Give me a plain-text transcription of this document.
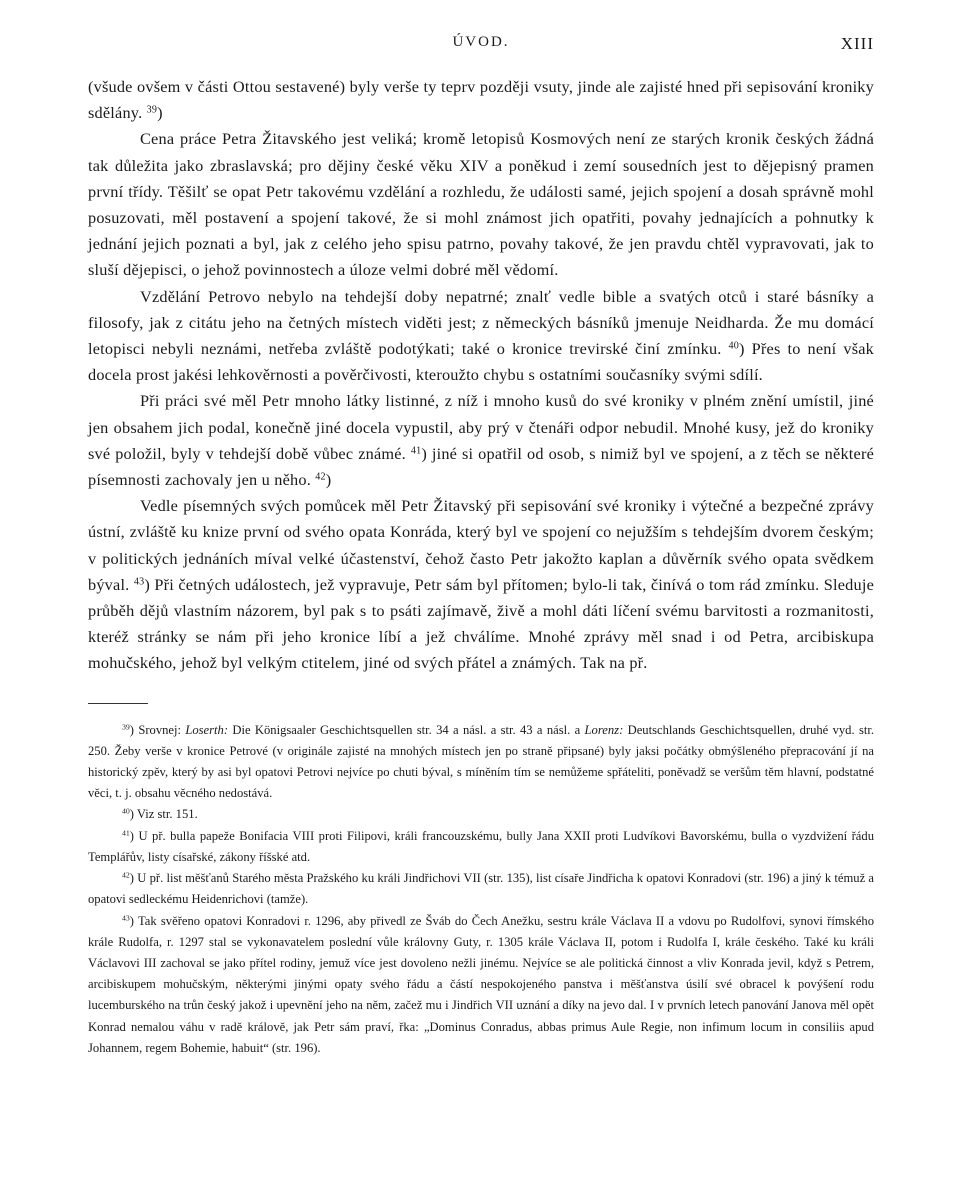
ÚVOD.	XIII

(všude ovšem v části Ottou sestavené) byly verše ty teprv později vsuty, jinde ale zajisté hned při sepisování kroniky sdělány. $^{39}$)

Cena práce Petra Žitavského jest veliká; kromě letopisů Kosmových není ze starých kronik českých žádná tak důležita jako zbraslavská; pro dějiny české věku XIV a poněkud i zemí sousedních jest to dějepisný pramen první třídy. Těšilť se opat Petr takovému vzdělání a rozhledu, že události samé, jejich spojení a dosah správně mohl posuzovati, měl postavení a spojení takové, že si mohl známost jich opatřiti, povahy jednajících a pohnutky k jednání jejich poznati a byl, jak z celého jeho spisu patrno, povahy takové, že jen pravdu chtěl vypravovati, jak to sluší dějepisci, o jehož povinnostech a úloze velmi dobré měl vědomí.

Vzdělání Petrovo nebylo na tehdejší doby nepatrné; znalť vedle bible a svatých otců i staré básníky a filosofy, jak z citátu jeho na četných místech viděti jest; z německých básníků jmenuje Neidharda. Že mu domácí letopisci nebyli neznámi, netřeba zvláště podotýkati; také o kronice trevirské činí zmínku. $^{40}$) Přes to není však docela prost jakési lehkověrnosti a pověrčivosti, kteroužto chybu s ostatními současníky svými sdílí.

Při práci své měl Petr mnoho látky listinné, z níž i mnoho kusů do své kroniky v plném znění umístil, jiné jen obsahem jich podal, konečně jiné docela vypustil, aby prý v čtenáři odpor nebudil. Mnohé kusy, jež do kroniky své položil, byly v tehdejší době vůbec známé. $^{41}$) jiné si opatřil od osob, s nimiž byl ve spojení, a z těch se některé písemnosti zachovaly jen u něho. $^{42}$)

Vedle písemných svých pomůcek měl Petr Žitavský při sepisování své kroniky i výtečné a bezpečné zprávy ústní, zvláště ku knize první od svého opata Konráda, který byl ve spojení co nejužším s tehdejším dvorem českým; v politických jednáních míval velké účastenství, čehož často Petr jakožto kaplan a důvěrník svého opata svědkem býval. $^{43}$) Při četných událostech, jež vypravuje, Petr sám byl přítomen; bylo-li tak, činívá o tom rád zmínku. Sleduje průběh dějů vlastním názorem, byl pak s to psáti zajímavě, živě a mohl dáti líčení svému barvitosti a rozmanitosti, kteréž stránky se nám při jeho kronice líbí a jež chválíme. Mnohé zprávy měl snad i od Petra, arcibiskupa mohučského, jehož byl velkým ctitelem, jiné od svých přátel a známých. Tak na př.

$^{39}$) Srovnej: Loserth: Die Königsaaler Geschichtsquellen str. 34 a násl. a str. 43 a násl. a Lorenz: Deutschlands Geschichtsquellen, druhé vyd. str. 250. Žeby verše v kronice Petrové (v originále zajisté na mnohých místech jen po straně připsané) byly jaksi počátky obmýšleného přepracování jí na historický zpěv, který by asi byl opatovi Petrovi nejvíce po chuti býval, s míněním tím se nemůžeme spřáteliti, poněvadž se veršům těm hlavní, podstatné věci, t. j. obsahu věcného nedostává.

$^{40}$) Viz str. 151.

$^{41}$) U př. bulla papeže Bonifacia VIII proti Filipovi, králi francouzskému, bully Jana XXII proti Ludvíkovi Bavorskému, bulla o vyzdvižení řádu Templářův, listy císařské, zákony říšské atd.

$^{42}$) U př. list měšťanů Starého města Pražského ku králi Jindřichovi VII (str. 135), list císaře Jindřicha k opatovi Konradovi (str. 196) a jiný k témuž a opatovi sedleckému Heidenrichovi (tamže).

$^{43}$) Tak svěřeno opatovi Konradovi r. 1296, aby přivedl ze Šváb do Čech Anežku, sestru krále Václava II a vdovu po Rudolfovi, synovi římského krále Rudolfa, r. 1297 stal se vykonavatelem poslední vůle královny Guty, r. 1305 krále Václava II, potom i Rudolfa I, krále českého. Také ku králi Václavovi III zachoval se jako přítel rodiny, jemuž více jest dovoleno nežli jinému. Nejvíce se ale politická činnost a vliv Konrada jevil, když s Petrem, arcibiskupem mohučským, některými jinými opaty svého řádu a částí nespokojeného panstva i měšťanstva úsilí své obracel k povýšení rodu lucemburského na trůn český jakož i upevnění jeho na něm, začež mu i Jindřich VII uznání a díky na jevo dal. I v prvních letech panování Janova měl opět Konrad nemalou váhu v radě králově, jak Petr sám praví, řka: „Dominus Conradus, abbas primus Aule Regie, non infimum locum in consiliis apud Johannem, regem Bohemie, habuit“ (str. 196).
